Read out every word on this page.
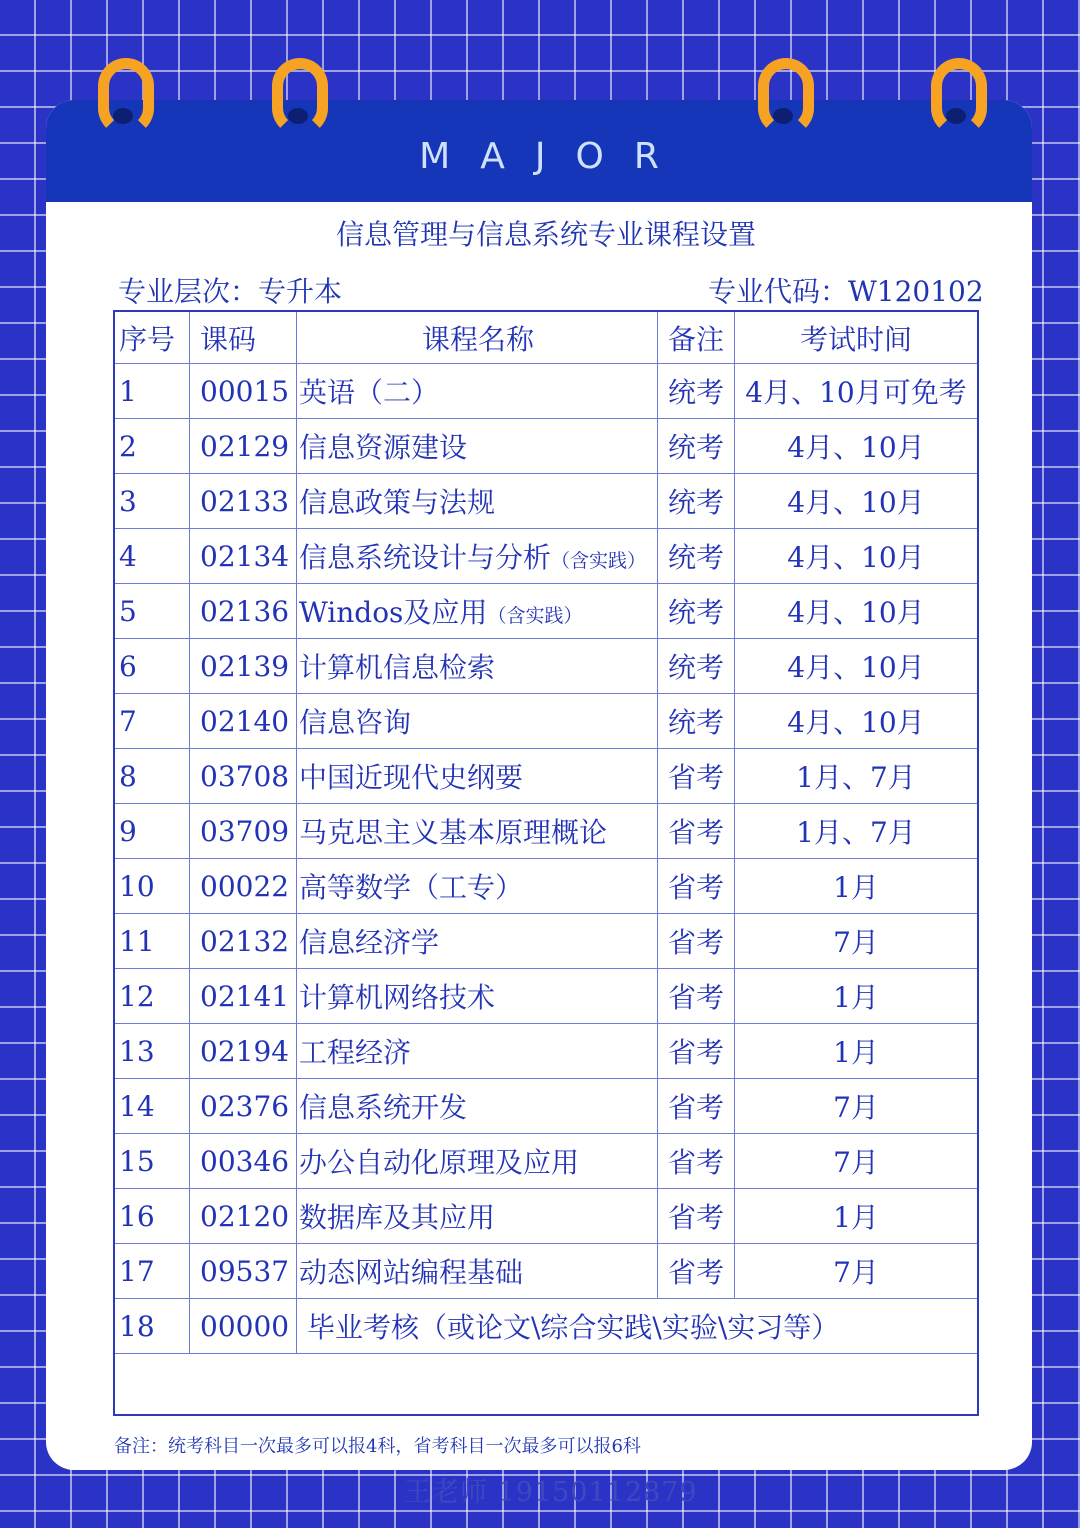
MAJOR
信息管理与信息系统专业课程设置
专业层次：专升本	专业代码：W120102
序号	课码	课程名称	备注	考试时间
1	00015	英语（二）	统考	4月、10月可免考
2	02129	信息资源建设	统考	4月、10月
3	02133	信息政策与法规	统考	4月、10月
4	02134	信息系统设计与分析（含实践）	统考	4月、10月
5	02136	Windos及应用（含实践）	统考	4月、10月
6	02139	计算机信息检索	统考	4月、10月
7	02140	信息咨询	统考	4月、10月
8	03708	中国近现代史纲要	省考	1月、7月
9	03709	马克思主义基本原理概论	省考	1月、7月
10	00022	高等数学（工专）	省考	1月
11	02132	信息经济学	省考	7月
12	02141	计算机网络技术	省考	1月
13	02194	工程经济	省考	1月
14	02376	信息系统开发	省考	7月
15	00346	办公自动化原理及应用	省考	7月
16	02120	数据库及其应用	省考	1月
17	09537	动态网站编程基础	省考	7月
18	00000	毕业考核（或论文\综合实践\实验\实习等）		
备注：统考科目一次最多可以报4科，省考科目一次最多可以报6科
王老师 19150112879
